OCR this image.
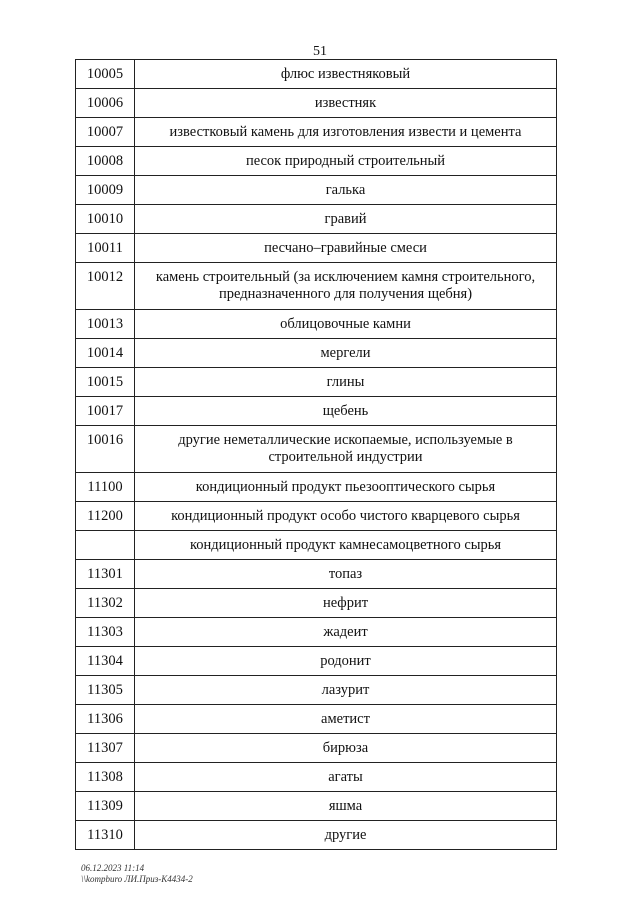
51
10005	флюс известняковый
10006	известняк
10007	известковый камень для изготовления извести и цемента
10008	песок природный строительный
10009	галька
10010	гравий
10011	песчано–гравийные смеси
10012	камень строительный (за исключением камня строительного, предназначенного для получения щебня)
10013	облицовочные камни
10014	мергели
10015	глины
10017	щебень
10016	другие неметаллические ископаемые, используемые в строительной индустрии
11100	кондиционный продукт пьезооптического сырья
11200	кондиционный продукт особо чистого кварцевого сырья
	кондиционный продукт камнесамоцветного сырья
11301	топаз
11302	нефрит
11303	жадеит
11304	родонит
11305	лазурит
11306	аметист
11307	бирюза
11308	агаты
11309	яшма
11310	другие
06.12.2023 11:14
\\kompburo ЛИ.Приз-К4434-2
